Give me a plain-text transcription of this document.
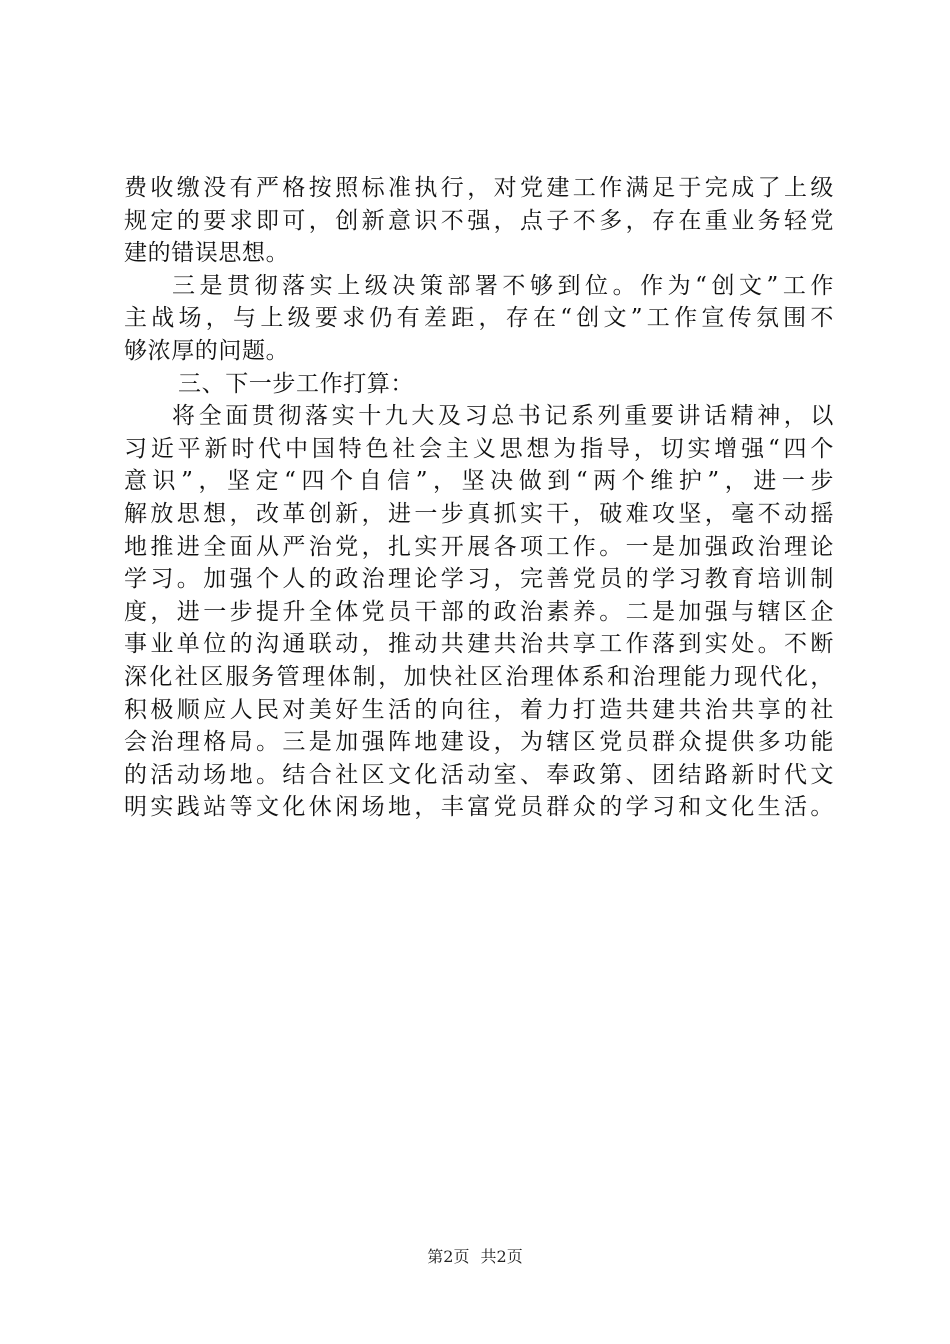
费收缴没有严格按照标准执行，对党建工作满足于完成了上级
规定的要求即可，创新意识不强，点子不多，存在重业务轻党
建的错误思想。
三是贯彻落实上级决策部署不够到位。作为“创文”工作
主战场，与上级要求仍有差距，存在“创文”工作宣传氛围不
够浓厚的问题。
三、下一步工作打算：
将全面贯彻落实十九大及习总书记系列重要讲话精神，以
习近平新时代中国特色社会主义思想为指导，切实增强“四个
意识”，坚定“四个自信”，坚决做到“两个维护”，进一步
解放思想，改革创新，进一步真抓实干，破难攻坚，毫不动摇
地推进全面从严治党，扎实开展各项工作。一是加强政治理论
学习。加强个人的政治理论学习，完善党员的学习教育培训制
度，进一步提升全体党员干部的政治素养。二是加强与辖区企
事业单位的沟通联动，推动共建共治共享工作落到实处。不断
深化社区服务管理体制，加快社区治理体系和治理能力现代化，
积极顺应人民对美好生活的向往，着力打造共建共治共享的社
会治理格局。三是加强阵地建设，为辖区党员群众提供多功能
的活动场地。结合社区文化活动室、奉政第、团结路新时代文
明实践站等文化休闲场地，丰富党员群众的学习和文化生活。
第2页 共2页
